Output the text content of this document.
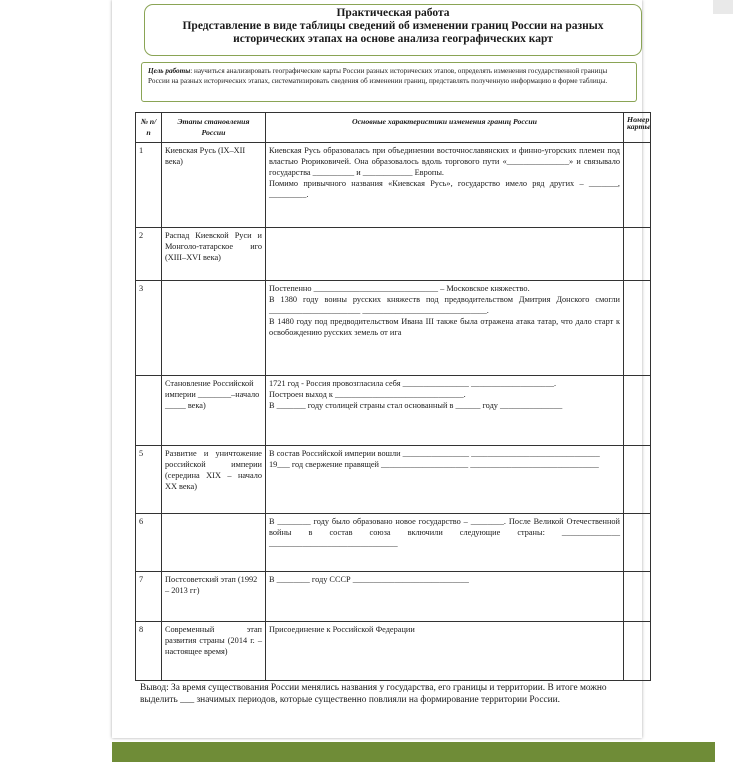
Практическая работа
Представление в виде таблицы сведений об изменении границ России на разных
исторических этапах на основе анализа географических карт
Цель работы: научиться анализировать географические карты России разных исторических этапов, определять изменения государственной границы России на разных исторических этапах, систематизировать сведения об изменении границ, представлять полученную информацию в форме таблицы.
№ п/п	Этапы становления России	Основные характеристики изменения границ России	Номер карты
1	Киевская Русь (IX–XII века)	Киевская Русь образовалась при объединении восточнославянских и финно-угорских племен под властью Рюриковичей. Она образовалось вдоль торгового пути «_______________» и связывало государства __________ и ____________ Европы.
Помимо привычного названия «Киевская Русь», государство имело ряд других – _______, _________.	

2	Распад Киевской Руси и Монголо-татарское иго (XIII–XVI века)		
3		Постепенно ______________________________ – Московское княжество.
В 1380 году воины русских княжеств под предводительством Дмитрия Донского смогли ______________________ ______________________________.
В 1480 году под предводительством Ивана III также была отражена атака татар, что дало старт к освобождению русских земель от ига	

	Становление Российской империи ________–начало _____ века)	1721 год - Россия провозгласила себя ________________ ____________________.
Построен выход к _______________________________.
В _______ году столицей страны стал основанный в ______ году _______________	

5	Развитие и уничтожение российской империи (середина XIX – начало XX века)	В состав Российской империи вошли ________________ _______________________________
19___ год свержение правящей _____________________ _______________________________	

6		В ________ году было образовано новое государство – ________. После Великой Отечественной войны в состав союза включили следующие страны: ______________ _______________________________	

7	Постсоветский этап (1992 – 2013 гг)	В ________ году СССР ____________________________	

8	Современный этап развития страны (2014 г. – настоящее время)	Присоединение к Российской Федерации	

Вывод: За время существования России менялись названия у государства, его границы и территории. В итоге можно выделить ___ значимых периодов, которые существенно повлияли на формирование территории России.
